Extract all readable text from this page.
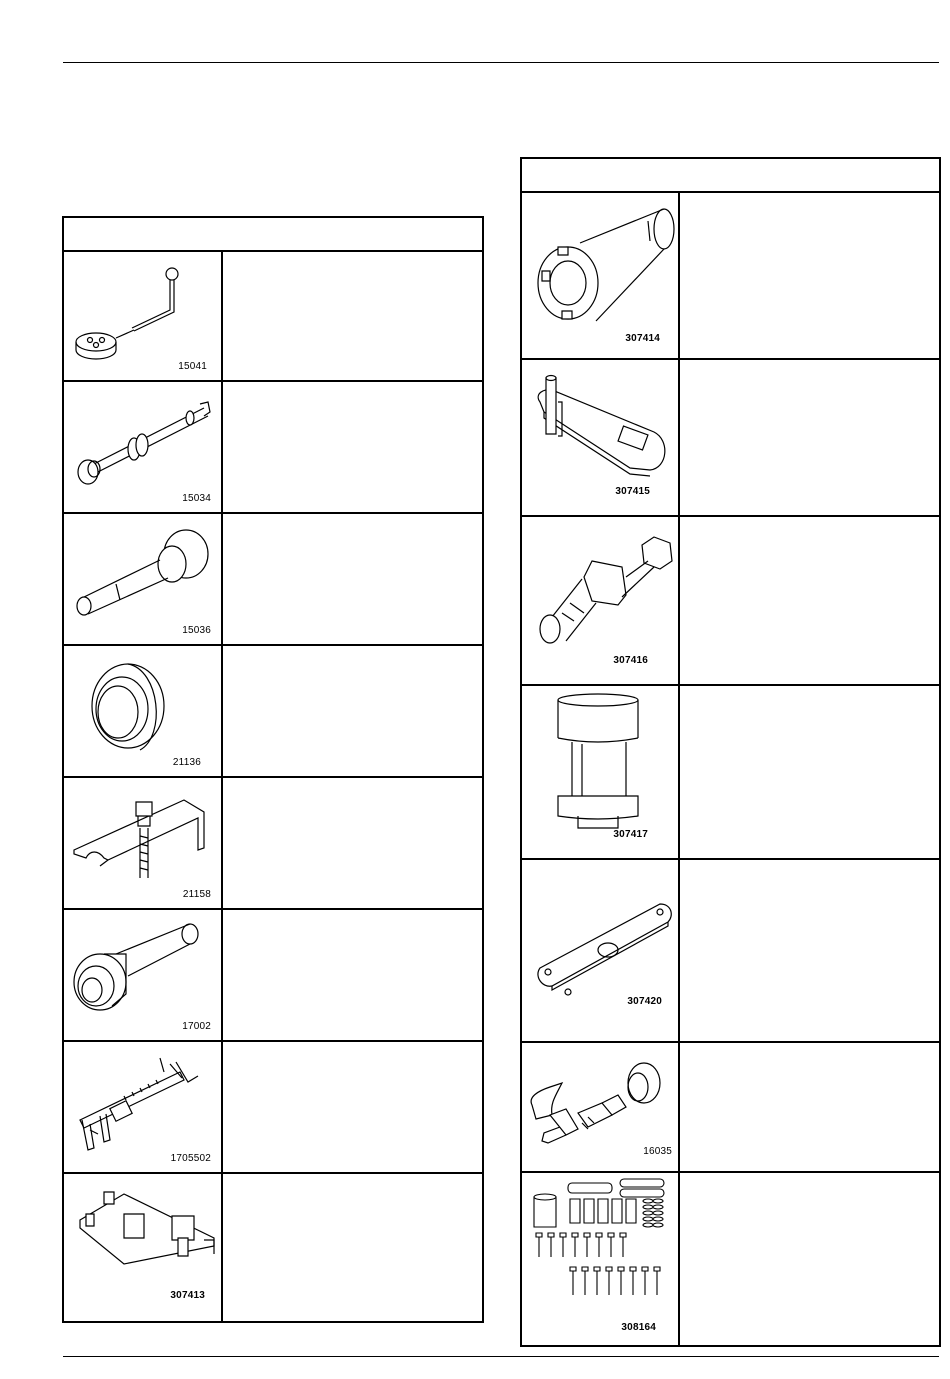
15041
15034
15036
21136
21158
17002
1705502
307413
307414
307415
307416
307417
307420
16035
308164
